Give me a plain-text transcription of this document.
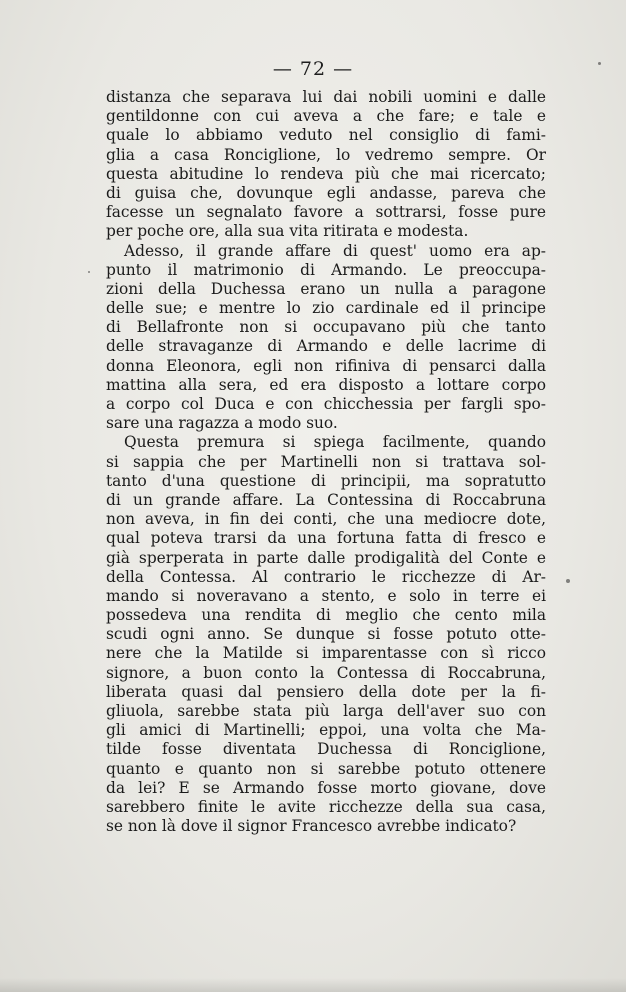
— 72 —
distanza che separava lui dai nobili uomini e dalle
gentildonne con cui aveva a che fare; e tale e
quale lo abbiamo veduto nel consiglio di fami-
glia a casa Ronciglione, lo vedremo sempre. Or
questa abitudine lo rendeva più che mai ricercato;
di guisa che, dovunque egli andasse, pareva che
facesse un segnalato favore a sottrarsi, fosse pure
per poche ore, alla sua vita ritirata e modesta.
Adesso, il grande affare di quest' uomo era ap-
punto il matrimonio di Armando. Le preoccupa-
zioni della Duchessa erano un nulla a paragone
delle sue; e mentre lo zio cardinale ed il principe
di Bellafronte non si occupavano più che tanto
delle stravaganze di Armando e delle lacrime di
donna Eleonora, egli non rifiniva di pensarci dalla
mattina alla sera, ed era disposto a lottare corpo
a corpo col Duca e con chicchessia per fargli spo-
sare una ragazza a modo suo.
Questa premura si spiega facilmente, quando
si sappia che per Martinelli non si trattava sol-
tanto d'una questione di principii, ma sopratutto
di un grande affare. La Contessina di Roccabruna
non aveva, in fin dei conti, che una mediocre dote,
qual poteva trarsi da una fortuna fatta di fresco e
già sperperata in parte dalle prodigalità del Conte e
della Contessa. Al contrario le ricchezze di Ar-
mando si noveravano a stento, e solo in terre ei
possedeva una rendita di meglio che cento mila
scudi ogni anno. Se dunque si fosse potuto otte-
nere che la Matilde si imparentasse con sì ricco
signore, a buon conto la Contessa di Roccabruna,
liberata quasi dal pensiero della dote per la fi-
gliuola, sarebbe stata più larga dell'aver suo con
gli amici di Martinelli; eppoi, una volta che Ma-
tilde fosse diventata Duchessa di Ronciglione,
quanto e quanto non si sarebbe potuto ottenere
da lei? E se Armando fosse morto giovane, dove
sarebbero finite le avite ricchezze della sua casa,
se non là dove il signor Francesco avrebbe indicato?
